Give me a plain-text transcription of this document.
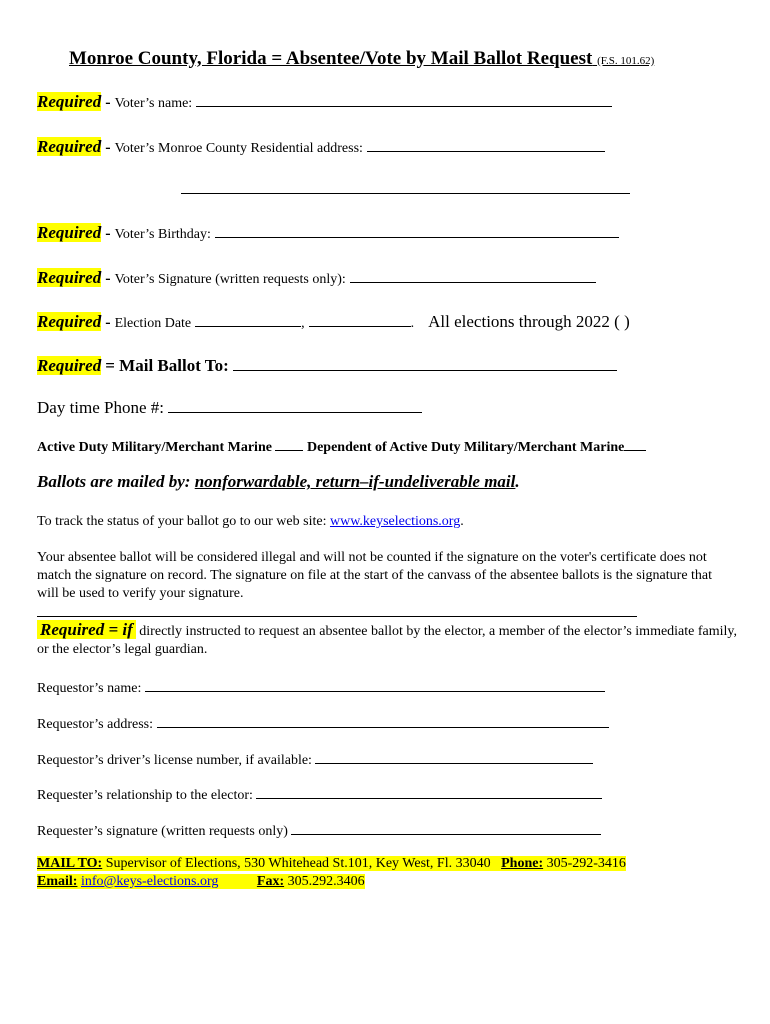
Monroe County, Florida = Absentee/Vote by Mail Ballot Request (F.S. 101.62)
Required - Voter’s name:
Required - Voter’s Monroe County Residential address:
Required - Voter’s Birthday:
Required - Voter’s Signature (written requests only):
Required - Election Date	,	. All elections through 2022 ( )
Required = Mail Ballot To:
Day time Phone #:
Active Duty Military/Merchant Marine	Dependent of Active Duty Military/Merchant Marine
Ballots are mailed by: nonforwardable, return–if-undeliverable mail.
To track the status of your ballot go to our web site: www.keyselections.org.
Your absentee ballot will be considered illegal and will not be counted if the signature on the voter's certificate does not match the signature on record. The signature on file at the start of the canvass of the absentee ballots is the signature that will be used to verify your signature.
Required = if directly instructed to request an absentee ballot by the elector, a member of the elector’s immediate family, or the elector’s legal guardian.
Requestor’s name:
Requestor’s address:
Requestor’s driver’s license number, if available:
Requester’s relationship to the elector:
Requester’s signature (written requests only)
MAIL TO: Supervisor of Elections, 530 Whitehead St.101, Key West, Fl. 33040 Phone: 305-292-3416
Email: info@keys-elections.org	Fax: 305.292.3406
